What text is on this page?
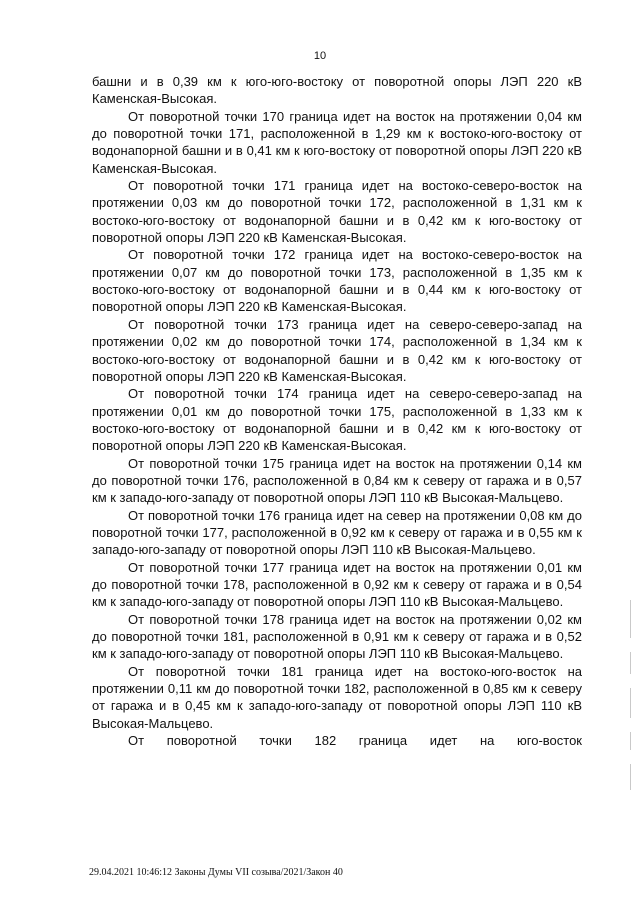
10

башни и в 0,39 км к юго-юго-востоку от поворотной опоры ЛЭП 220 кВ Каменская-Высокая.

От поворотной точки 170 граница идет на восток на протяжении 0,04 км до поворотной точки 171, расположенной в 1,29 км к востоко-юго-востоку от водонапорной башни и в 0,41 км к юго-востоку от поворотной опоры ЛЭП 220 кВ Каменская-Высокая.

От поворотной точки 171 граница идет на востоко-северо-восток на протяжении 0,03 км до поворотной точки 172, расположенной в 1,31 км к востоко-юго-востоку от водонапорной башни и в 0,42 км к юго-востоку от поворотной опоры ЛЭП 220 кВ Каменская-Высокая.

От поворотной точки 172 граница идет на востоко-северо-восток на протяжении 0,07 км до поворотной точки 173, расположенной в 1,35 км к востоко-юго-востоку от водонапорной башни и в 0,44 км к юго-востоку от поворотной опоры ЛЭП 220 кВ Каменская-Высокая.

От поворотной точки 173 граница идет на северо-северо-запад на протяжении 0,02 км до поворотной точки 174, расположенной в 1,34 км к востоко-юго-востоку от водонапорной башни и в 0,42 км к юго-востоку от поворотной опоры ЛЭП 220 кВ Каменская-Высокая.

От поворотной точки 174 граница идет на северо-северо-запад на протяжении 0,01 км до поворотной точки 175, расположенной в 1,33 км к востоко-юго-востоку от водонапорной башни и в 0,42 км к юго-востоку от поворотной опоры ЛЭП 220 кВ Каменская-Высокая.

От поворотной точки 175 граница идет на восток на протяжении 0,14 км до поворотной точки 176, расположенной в 0,84 км к северу от гаража и в 0,57 км к западо-юго-западу от поворотной опоры ЛЭП 110 кВ Высокая-Мальцево.

От поворотной точки 176 граница идет на север на протяжении 0,08 км до поворотной точки 177, расположенной в 0,92 км к северу от гаража и в 0,55 км к западо-юго-западу от поворотной опоры ЛЭП 110 кВ Высокая-Мальцево.

От поворотной точки 177 граница идет на восток на протяжении 0,01 км до поворотной точки 178, расположенной в 0,92 км к северу от гаража и в 0,54 км к западо-юго-западу от поворотной опоры ЛЭП 110 кВ Высокая-Мальцево.

От поворотной точки 178 граница идет на восток на протяжении 0,02 км до поворотной точки 181, расположенной в 0,91 км к северу от гаража и в 0,52 км к западо-юго-западу от поворотной опоры ЛЭП 110 кВ Высокая-Мальцево.

От поворотной точки 181 граница идет на востоко-юго-восток на протяжении 0,11 км до поворотной точки 182, расположенной в 0,85 км к северу от гаража и в 0,45 км к западо-юго-западу от поворотной опоры ЛЭП 110 кВ Высокая-Мальцево.

От поворотной точки 182 граница идет на юго-восток

29.04.2021 10:46:12 Законы Думы VII созыва/2021/Закон 40
